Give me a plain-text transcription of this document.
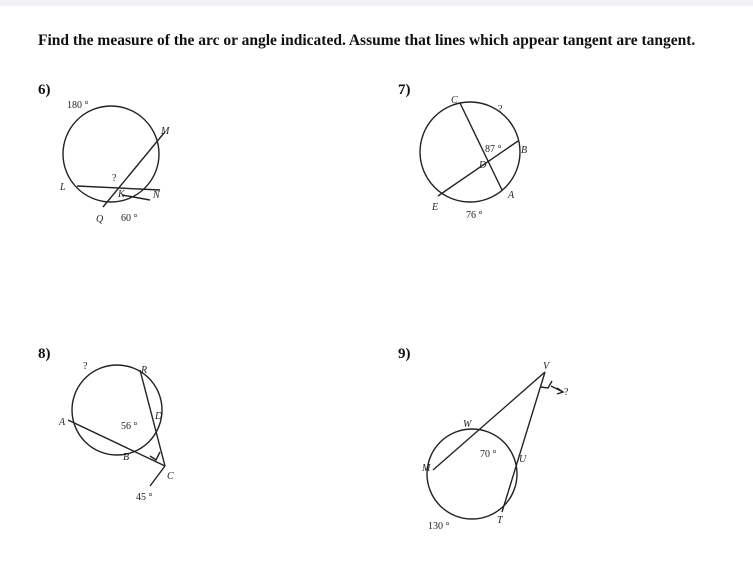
Find the measure of the arc or angle indicated. Assume that lines which appear tangent are tangent.
6)
180 °
M
L
?
K	N
Q 60 °
7)
C
?
87 ° B
D
E
A
76 °
8)
?	R
A
D
56 °
B
C
45 °
9)
V
?
W
70 ° U
M
130 °
T
